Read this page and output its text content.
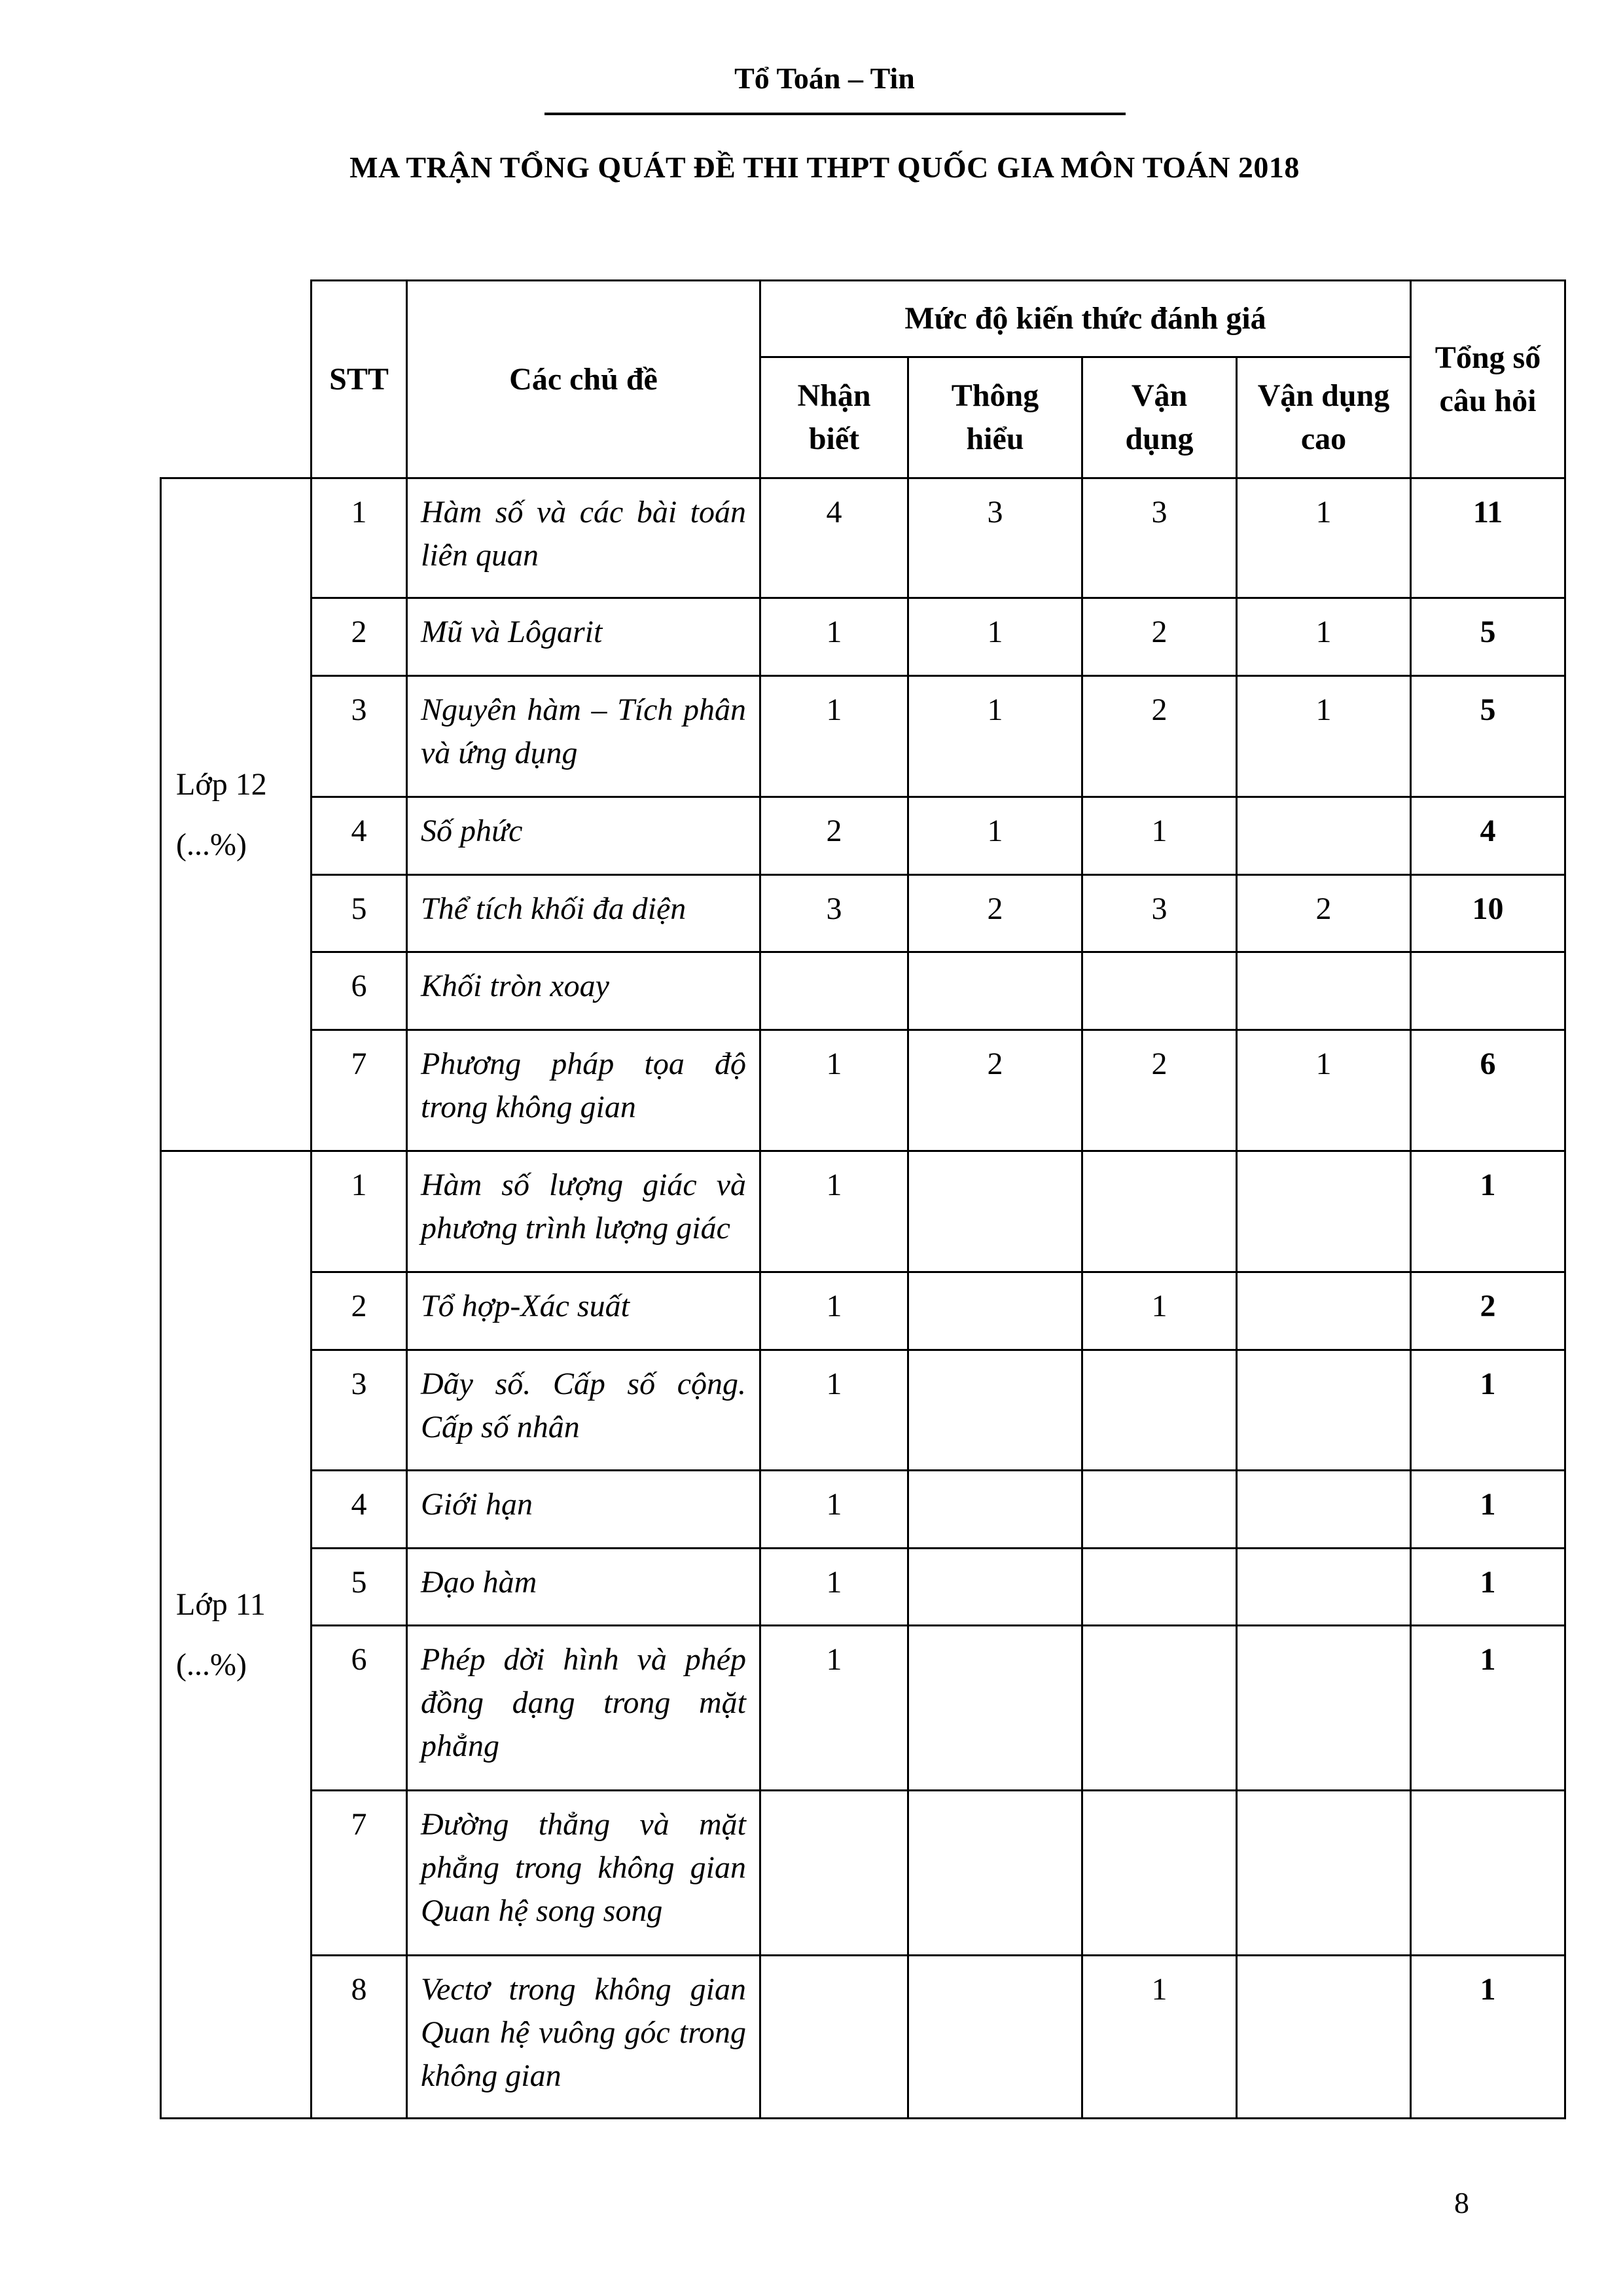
Tổ Toán – Tin
MA TRẬN TỔNG QUÁT ĐỀ THI THPT QUỐC GIA MÔN TOÁN 2018
	STT	Các chủ đề	Mức độ kiến thức đánh giá				Tổng số câu hỏi
			Nhận biết	Thông hiểu	Vận dụng	Vận dụng cao	
Lớp 12
(...%)	1	Hàm số và các bài toán liên quan	4	3	3	1	11
	2	Mũ và Lôgarit	1	1	2	1	5
	3	Nguyên hàm – Tích phân và ứng dụng	1	1	2	1	5
	4	Số phức	2	1	1		4
	5	Thể tích khối đa diện	3	2	3	2	10
	6	Khối tròn xoay					
	7	Phương pháp tọa độ trong không gian	1	2	2	1	6
Lớp 11
(...%)	1	Hàm số lượng giác và phương trình lượng giác	1				1
	2	Tổ hợp-Xác suất	1		1		2
	3	Dãy số. Cấp số cộng. Cấp số nhân	1				1
	4	Giới hạn	1				1
	5	Đạo hàm	1				1
	6	Phép dời hình và phép đồng dạng trong mặt phẳng	1				1
	7	Đường thẳng và mặt phẳng trong không gian Quan hệ song song					
	8	Vectơ trong không gian Quan hệ vuông góc trong không gian			1		1
8
